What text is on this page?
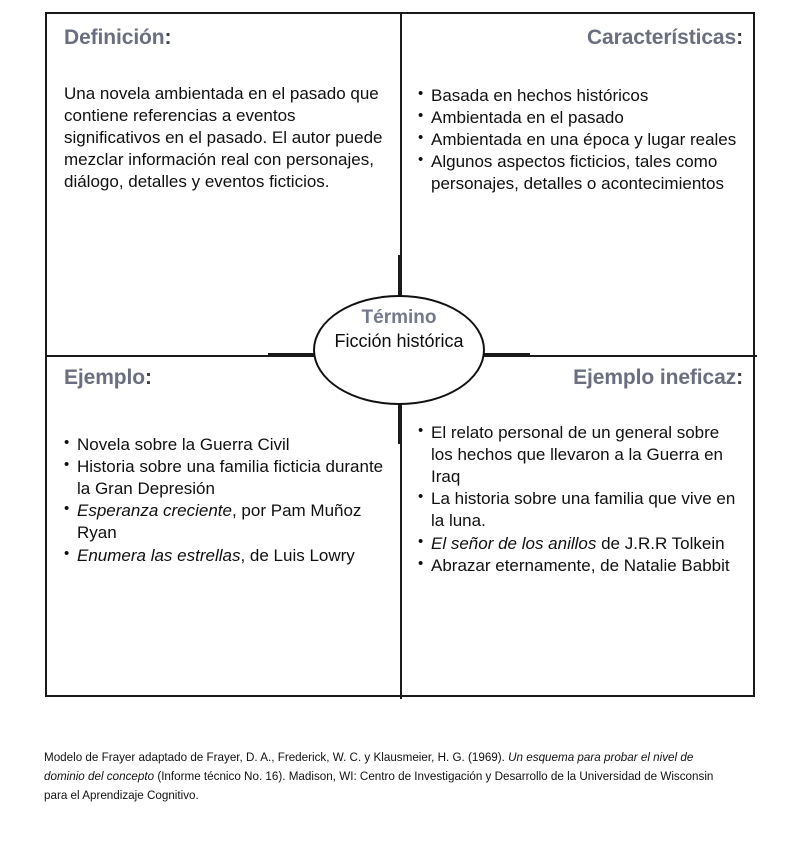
Definición:
Una novela ambientada en el pasado que contiene referencias a eventos significativos en el pasado. El autor puede mezclar información real con personajes, diálogo, detalles y eventos ficticios.
Características:
• Basada en hechos históricos
• Ambientada en el pasado
• Ambientada en una época y lugar reales
• Algunos aspectos ficticios, tales como personajes, detalles o acontecimientos
Ejemplo:
• Novela sobre la Guerra Civil
• Historia sobre una familia ficticia durante la Gran Depresión
• Esperanza creciente, por Pam Muñoz Ryan
• Enumera las estrellas, de Luis Lowry
Ejemplo ineficaz:
• El relato personal de un general sobre los hechos que llevaron a la Guerra en Iraq
• La historia sobre una familia que vive en la luna.
• El señor de los anillos de J.R.R Tolkein
• Abrazar eternamente, de Natalie Babbit
Término
Ficción histórica
Modelo de Frayer adaptado de Frayer, D. A., Frederick, W. C. y Klausmeier, H. G. (1969). Un esquema para probar el nivel de dominio del concepto (Informe técnico No. 16). Madison, WI: Centro de Investigación y Desarrollo de la Universidad de Wisconsin para el Aprendizaje Cognitivo.
